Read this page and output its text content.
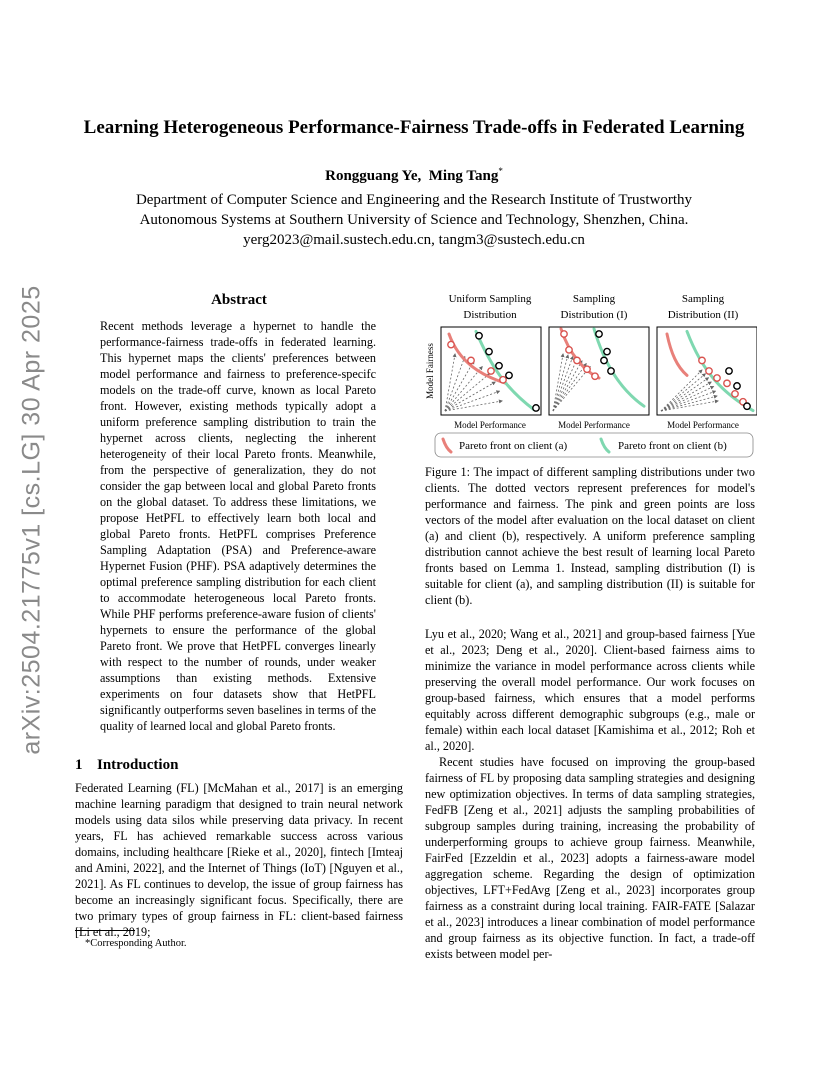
arXiv:2504.21775v1 [cs.LG] 30 Apr 2025
Learning Heterogeneous Performance-Fairness Trade-offs in Federated Learning
Rongguang Ye, Ming Tang*
Department of Computer Science and Engineering and the Research Institute of Trustworthy
Autonomous Systems at Southern University of Science and Technology, Shenzhen, China.
yerg2023@mail.sustech.edu.cn, tangm3@sustech.edu.cn
Abstract
Recent methods leverage a hypernet to handle the performance-fairness trade-offs in federated learning. This hypernet maps the clients' preferences between model performance and fairness to preference-specifc models on the trade-off curve, known as local Pareto front. However, existing methods typically adopt a uniform preference sampling distribution to train the hypernet across clients, neglecting the inherent heterogeneity of their local Pareto fronts. Meanwhile, from the perspective of generalization, they do not consider the gap between local and global Pareto fronts on the global dataset. To address these limitations, we propose HetPFL to effectively learn both local and global Pareto fronts. HetPFL comprises Preference Sampling Adaptation (PSA) and Preference-aware Hypernet Fusion (PHF). PSA adaptively determines the optimal preference sampling distribution for each client to accommodate heterogeneous local Pareto fronts. While PHF performs preference-aware fusion of clients' hypernets to ensure the performance of the global Pareto front. We prove that HetPFL converges linearly with respect to the number of rounds, under weaker assumptions than existing methods. Extensive experiments on four datasets show that HetPFL significantly outperforms seven baselines in terms of the quality of learned local and global Pareto fronts.
1 Introduction

Federated Learning (FL) [McMahan et al., 2017] is an emerging machine learning paradigm that designed to train neural network models using data silos while preserving data privacy. In recent years, FL has achieved remarkable success across various domains, including healthcare [Rieke et al., 2020], fintech [Imteaj and Amini, 2022], and the Internet of Things (IoT) [Nguyen et al., 2021]. As FL continues to develop, the issue of group fairness has become an increasingly significant focus. Specifically, there are two primary types of group fairness in FL: client-based fairness [Li et al., 2019;

*Corresponding Author.
Uniform Sampling
Distribution
Sampling
Distribution (I)
Sampling
Distribution (II)
Model Fairness
Model Performance	Model Performance	Model Performance
Pareto front on client (a)	Pareto front on client (b)
Figure 1: The impact of different sampling distributions under two clients. The dotted vectors represent preferences for model's performance and fairness. The pink and green points are loss vectors of the model after evaluation on the local dataset on client (a) and client (b), respectively. A uniform preference sampling distribution cannot achieve the best result of learning local Pareto fronts based on Lemma 1. Instead, sampling distribution (I) is suitable for client (a), and sampling distribution (II) is suitable for client (b).

Lyu et al., 2020; Wang et al., 2021] and group-based fairness [Yue et al., 2023; Deng et al., 2020]. Client-based fairness aims to minimize the variance in model performance across clients while preserving the overall model performance. Our work focuses on group-based fairness, which ensures that a model performs equitably across different demographic subgroups (e.g., male or female) within each local dataset [Kamishima et al., 2012; Roh et al., 2020].

Recent studies have focused on improving the group-based fairness of FL by proposing data sampling strategies and designing new optimization objectives. In terms of data sampling strategies, FedFB [Zeng et al., 2021] adjusts the sampling probabilities of subgroup samples during training, increasing the probability of underperforming groups to achieve group fairness. Meanwhile, FairFed [Ezzeldin et al., 2023] adopts a fairness-aware model aggregation scheme. Regarding the design of optimization objectives, LFT+FedAvg [Zeng et al., 2023] incorporates group fairness as a constraint during local training. FAIR-FATE [Salazar et al., 2023] introduces a linear combination of model performance and group fairness as its objective function. In fact, a trade-off exists between model per-
